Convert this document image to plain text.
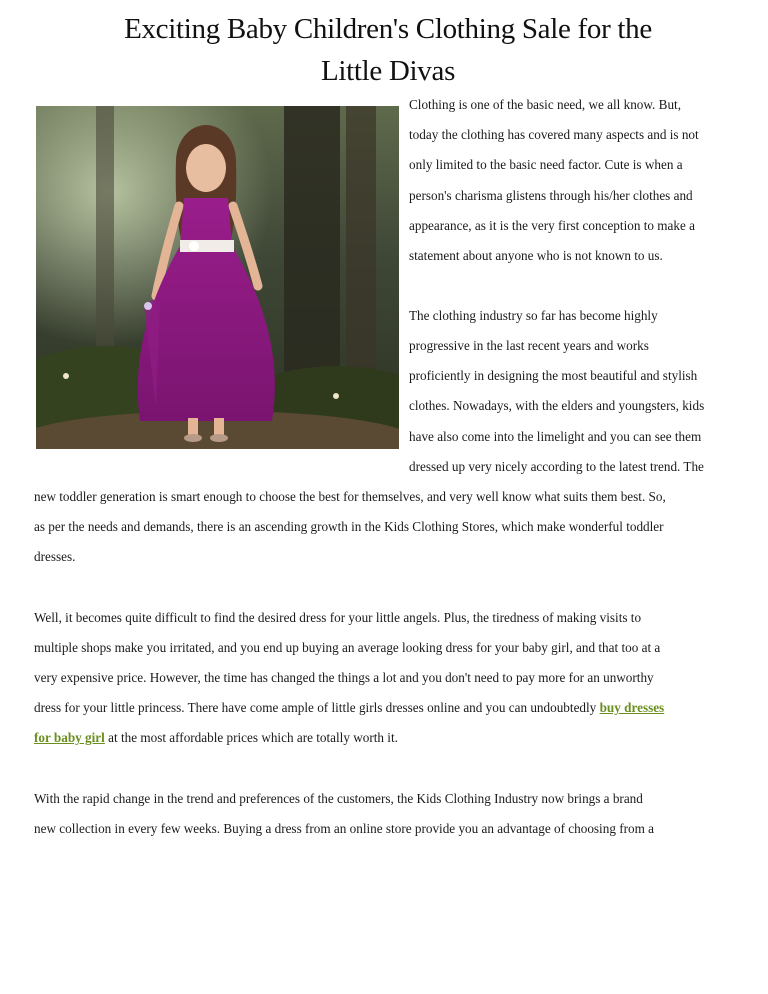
Exciting Baby Children's Clothing Sale for the
Little Divas
Clothing is one of the basic need, we all know. But,
today the clothing has covered many aspects and is not
only limited to the basic need factor. Cute is when a
person's charisma glistens through his/her clothes and
appearance, as it is the very first conception to make a
statement about anyone who is not known to us.
The clothing industry so far has become highly
progressive in the last recent years and works
proficiently in designing the most beautiful and stylish
clothes. Nowadays, with the elders and youngsters, kids
have also come into the limelight and you can see them
dressed up very nicely according to the latest trend. The
new toddler generation is smart enough to choose the best for themselves, and very well know what suits them best. So,
as per the needs and demands, there is an ascending growth in the Kids Clothing Stores, which make wonderful toddler
dresses.
Well, it becomes quite difficult to find the desired dress for your little angels. Plus, the tiredness of making visits to
multiple shops make you irritated, and you end up buying an average looking dress for your baby girl, and that too at a
very expensive price. However, the time has changed the things a lot and you don't need to pay more for an unworthy
dress for your little princess. There have come ample of little girls dresses online and you can undoubtedly buy dresses
for baby girl at the most affordable prices which are totally worth it.
With the rapid change in the trend and preferences of the customers, the Kids Clothing Industry now brings a brand
new collection in every few weeks. Buying a dress from an online store provide you an advantage of choosing from a
